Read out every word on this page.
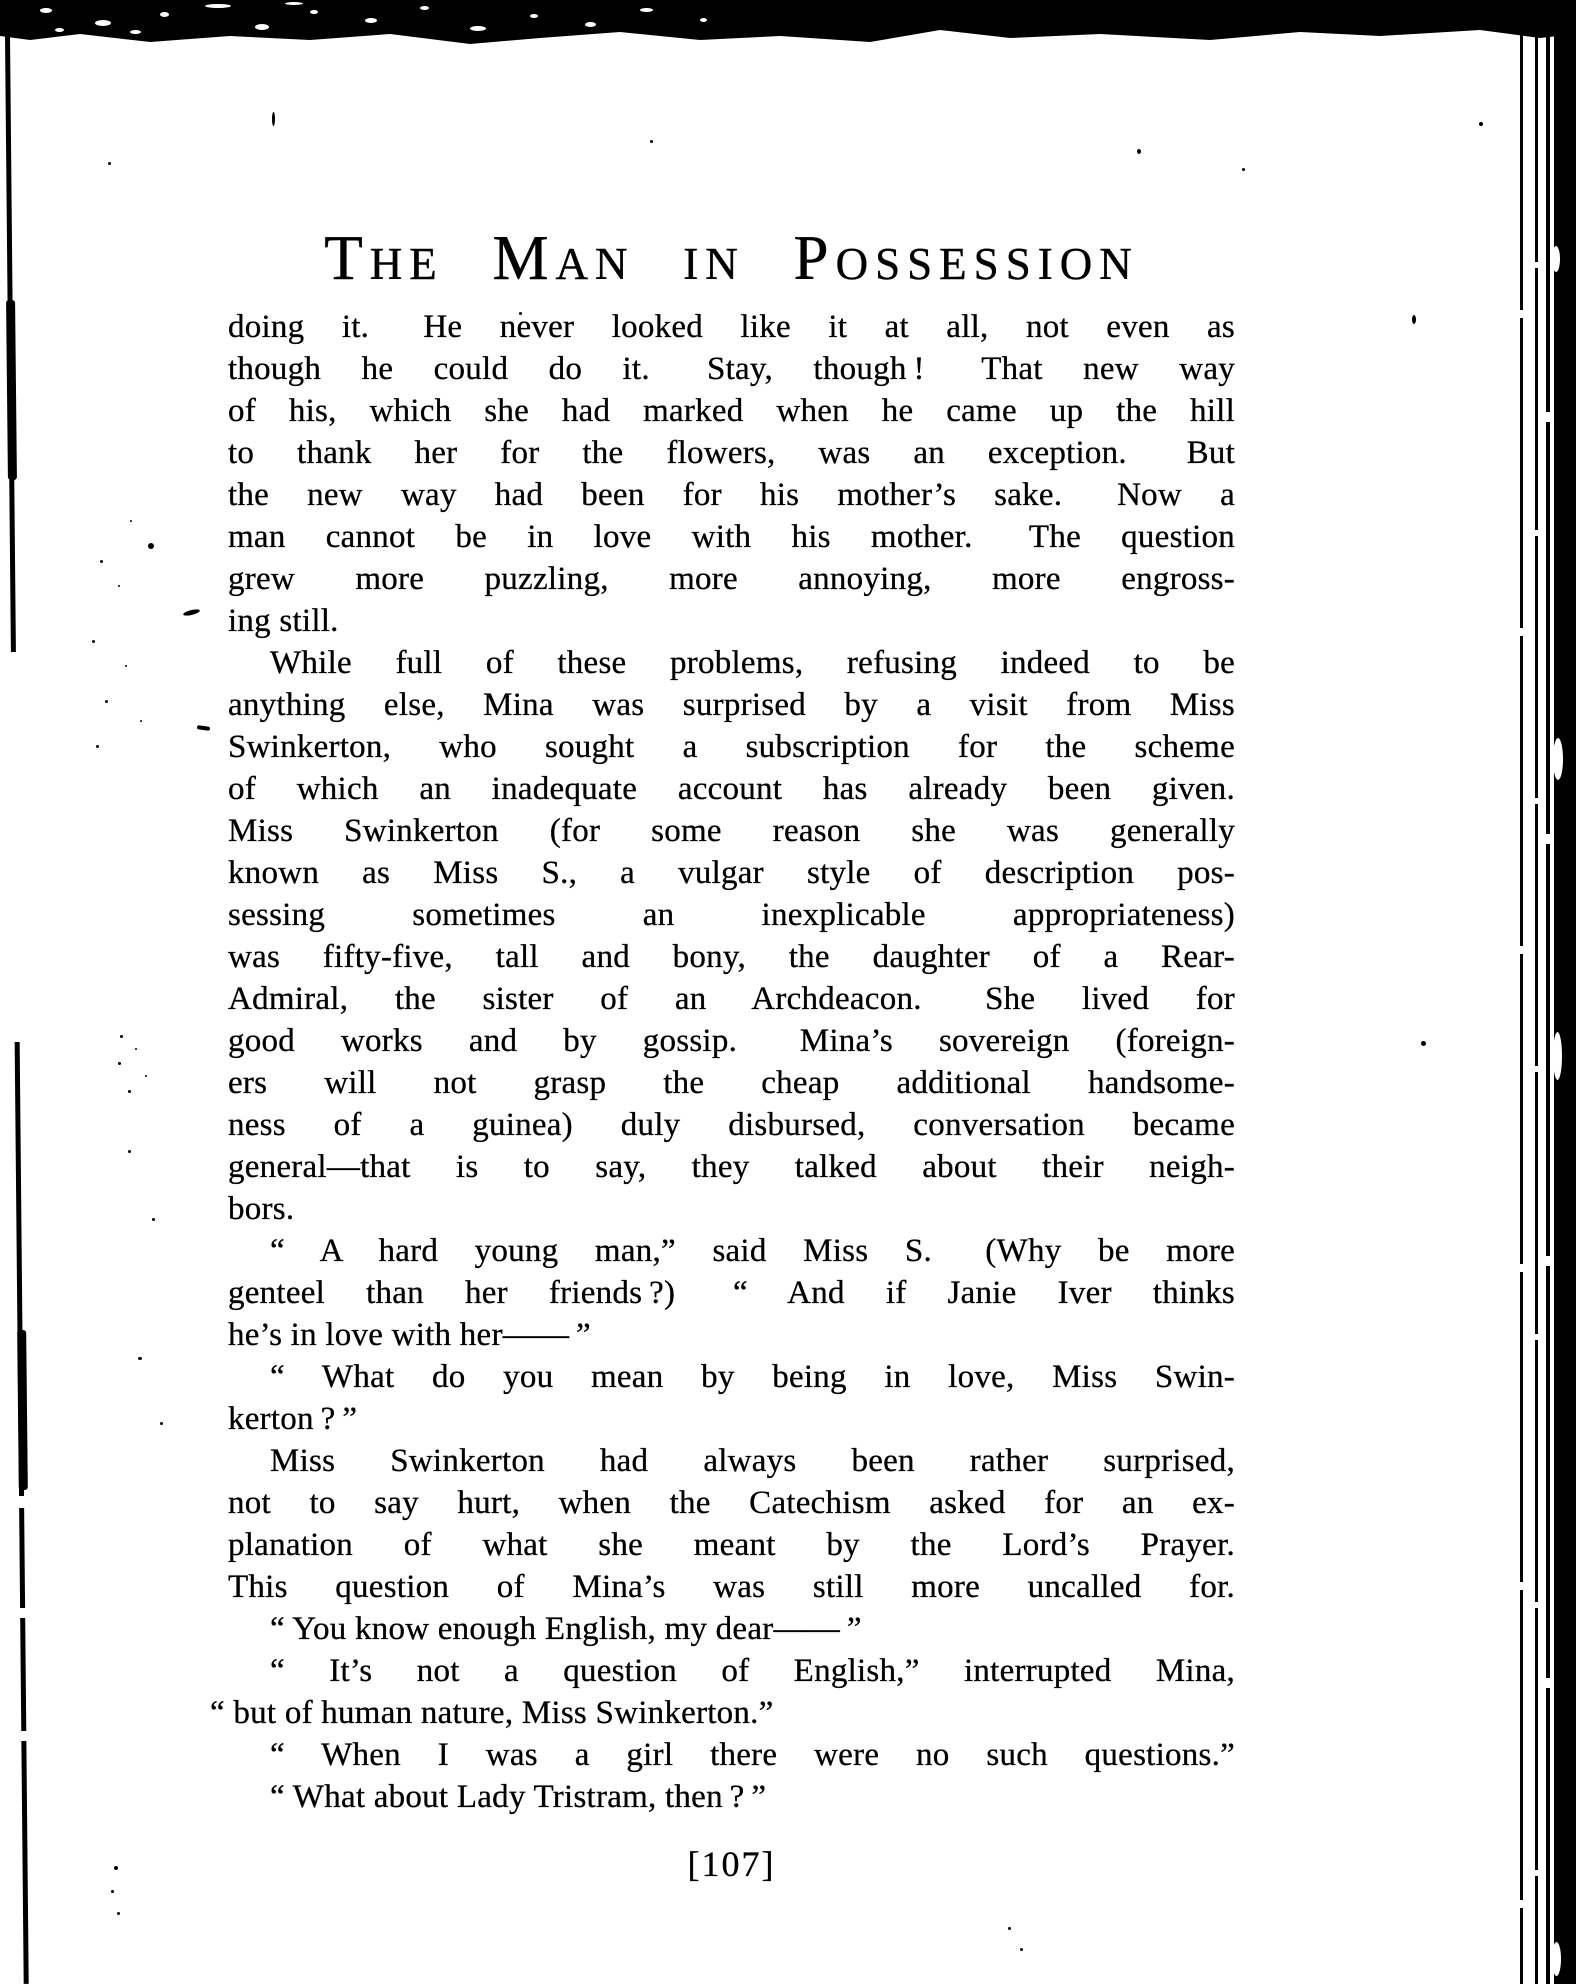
THE MAN IN POSSESSION
doing it.  He never looked like it at all, not even as
though he could do it.  Stay, though !  That new way
of his, which she had marked when he came up the hill
to thank her for the flowers, was an exception.  But
the new way had been for his mother’s sake.  Now a
man cannot be in love with his mother.  The question
grew more puzzling, more annoying, more engross-
ing still.
While full of these problems, refusing indeed to be
anything else, Mina was surprised by a visit from Miss
Swinkerton, who sought a subscription for the scheme
of which an inadequate account has already been given.
Miss Swinkerton (for some reason she was generally
known as Miss S., a vulgar style of description pos-
sessing sometimes an inexplicable appropriateness)
was fifty-five, tall and bony, the daughter of a Rear-
Admiral, the sister of an Archdeacon.  She lived for
good works and by gossip.  Mina’s sovereign (foreign-
ers will not grasp the cheap additional handsome-
ness of a guinea) duly disbursed, conversation became
general—that is to say, they talked about their neigh-
bors.
“ A hard young man,” said Miss S.  (Why be more
genteel than her friends ?)  “ And if Janie Iver thinks
he’s in love with her—— ”
“ What do you mean by being in love, Miss Swin-
kerton ? ”
Miss Swinkerton had always been rather surprised,
not to say hurt, when the Catechism asked for an ex-
planation of what she meant by the Lord’s Prayer.
This question of Mina’s was still more uncalled for.
“ You know enough English, my dear—— ”
“ It’s not a question of English,” interrupted Mina,
“ but of human nature, Miss Swinkerton.”
“ When I was a girl there were no such questions.”
“ What about Lady Tristram, then ? ”
[107]
